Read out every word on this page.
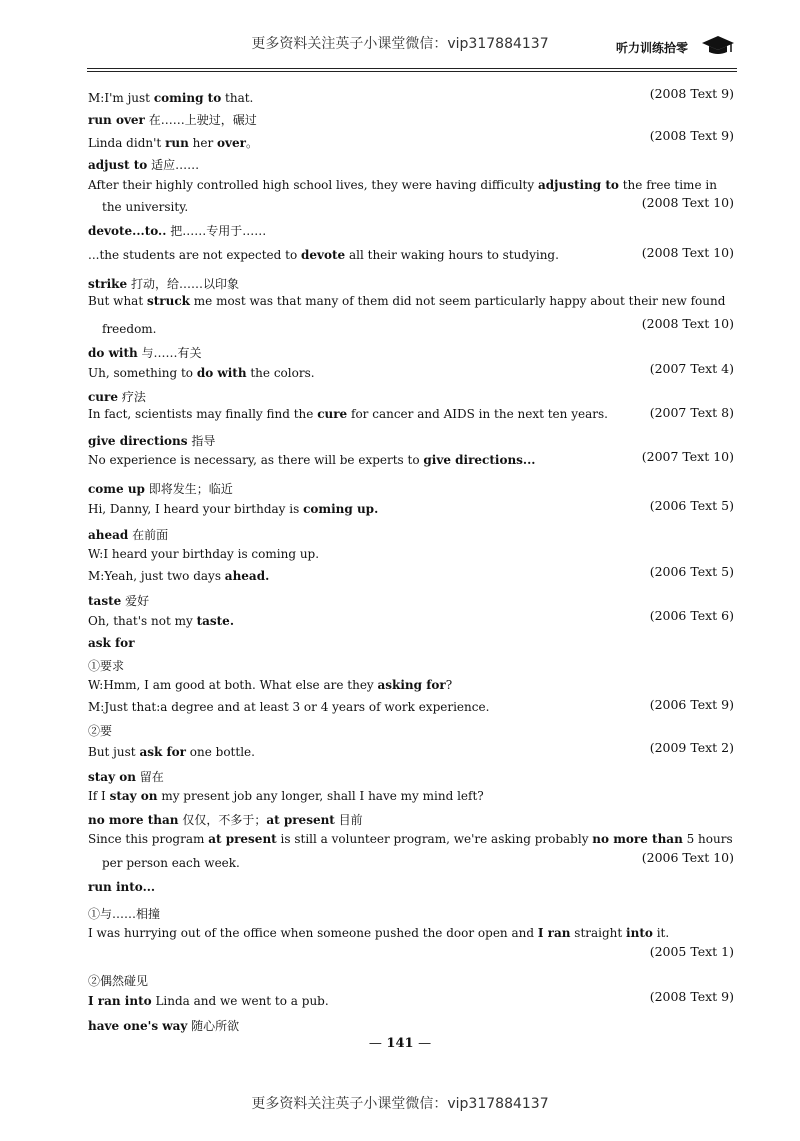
更多资料关注英子小课堂微信：vip317884137	听力训练拾零
(2008 Text 9)
M:I'm just coming to that.
run over 在……上驶过，碾过
(2008 Text 9)
Linda didn't run her over。
adjust to 适应……
After their highly controlled high school lives, they were having difficulty adjusting to the free time in
the university.	(2008 Text 10)
devote...to.. 把……专用于……
(2008 Text 10)
...the students are not expected to devote all their waking hours to studying.
strike 打动，给……以印象
But what struck me most was that many of them did not seem particularly happy about their new found
freedom.	(2008 Text 10)
do with 与……有关
(2007 Text 4)
Uh, something to do with the colors.
cure 疗法
In fact, scientists may finally find the cure for cancer and AIDS in the next ten years.	(2007 Text 8)
give directions 指导
(2007 Text 10)
No experience is necessary, as there will be experts to give directions...
come up 即将发生；临近
(2006 Text 5)
Hi, Danny, I heard your birthday is coming up.
ahead 在前面
W:I heard your birthday is coming up.
(2006 Text 5)
M:Yeah, just two days ahead.
taste 爱好
(2006 Text 6)
Oh, that's not my taste.
ask for
①要求
W:Hmm, I am good at both. What else are they asking for?
(2006 Text 9)
M:Just that:a degree and at least 3 or 4 years of work experience.
②要
(2009 Text 2)
But just ask for one bottle.
stay on 留在
If I stay on my present job any longer, shall I have my mind left?
no more than 仅仅，不多于；at present 目前
Since this program at present is still a volunteer program, we're asking probably no more than 5 hours
per person each week.	(2006 Text 10)
run into...
①与……相撞
I was hurrying out of the office when someone pushed the door open and I ran straight into it.
(2005 Text 1)
②偶然碰见
(2008 Text 9)
I ran into Linda and we went to a pub.
have one's way 随心所欲
— 141 —
更多资料关注英子小课堂微信：vip317884137
